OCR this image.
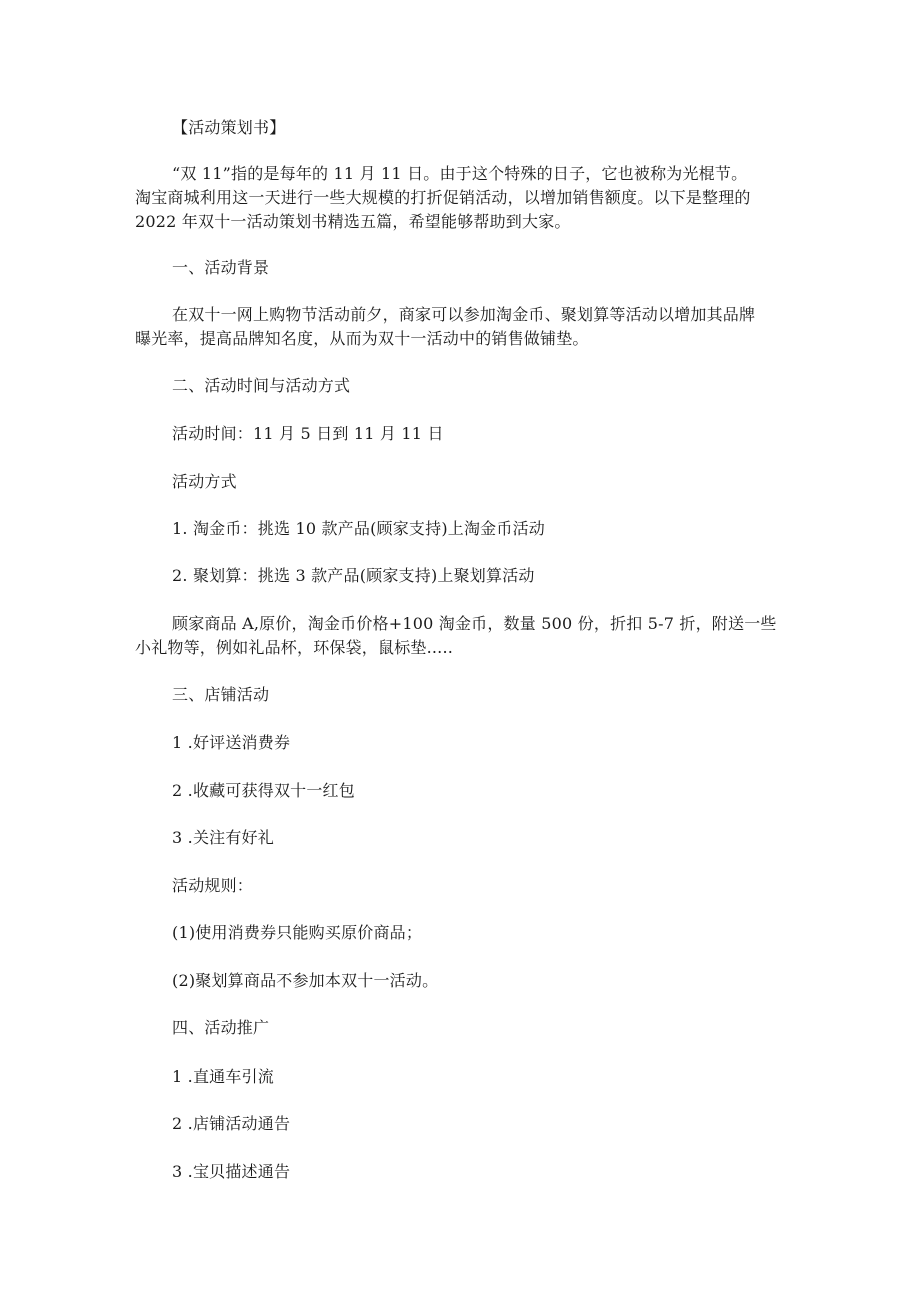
【活动策划书】
“双 11”指的是每年的 11 月 11 日。由于这个特殊的日子，它也被称为光棍节。
淘宝商城利用这一天进行一些大规模的打折促销活动，以增加销售额度。以下是整理的
2022 年双十一活动策划书精选五篇，希望能够帮助到大家。
一、活动背景
在双十一网上购物节活动前夕，商家可以参加淘金币、聚划算等活动以增加其品牌
曝光率，提高品牌知名度，从而为双十一活动中的销售做铺垫。
二、活动时间与活动方式
活动时间：11 月 5 日到 11 月 11 日
活动方式
1. 淘金币：挑选 10 款产品(顾家支持)上淘金币活动
2. 聚划算：挑选 3 款产品(顾家支持)上聚划算活动
顾家商品 A,原价，淘金币价格+100 淘金币，数量 500 份，折扣 5-7 折，附送一些
小礼物等，例如礼品杯，环保袋，鼠标垫.....
三、店铺活动
1 .好评送消费券
2 .收藏可获得双十一红包
3 .关注有好礼
活动规则：
(1)使用消费券只能购买原价商品；
(2)聚划算商品不参加本双十一活动。
四、活动推广
1 .直通车引流
2 .店铺活动通告
3 .宝贝描述通告
